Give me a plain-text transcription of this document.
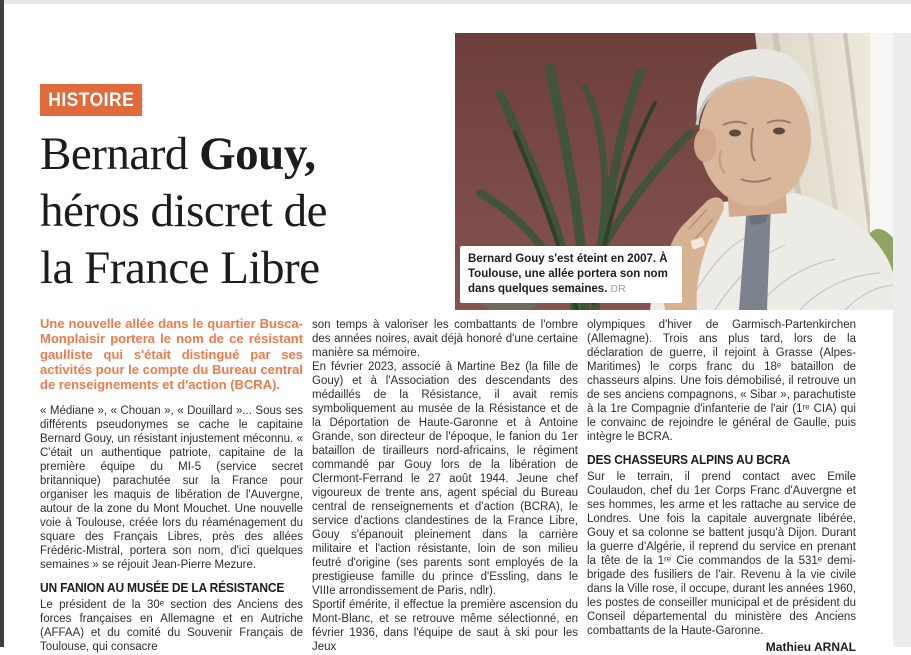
HISTOIRE
Bernard Gouy,
héros discret de
la France Libre	Bernard Gouy s'est éteint en 2007. À Toulouse, une allée portera son nom dans quelques semaines. DR

Une nouvelle allée dans le quartier Busca-Monplaisir portera le nom de ce résistant gaulliste qui s'était distingué par ses activités pour le compte du Bureau central de renseignements et d'action (BCRA).

« Médiane », « Chouan », « Douillard »... Sous ses différents pseudonymes se cache le capitaine Bernard Gouy, un résistant injustement méconnu. « C'était un authentique patriote, capitaine de la première équipe du MI-5 (service secret britannique) parachutée sur la France pour organiser les maquis de libération de l'Auvergne, autour de la zone du Mont Mouchet. Une nouvelle voie à Toulouse, créée lors du réaménagement du square des Français Libres, près des allées Frédéric-Mistral, portera son nom, d'ici quelques semaines » se réjouit Jean-Pierre Mezure.

UN FANION AU MUSÉE DE LA RÉSISTANCE

Le président de la 30ᵉ section des Anciens des forces françaises en Allemagne et en Autriche (AFFAA) et du comité du Souvenir Français de Toulouse, qui consacre

son temps à valoriser les combattants de l'ombre des années noires, avait déjà honoré d'une certaine manière sa mémoire.

En février 2023, associé à Martine Bez (la fille de Gouy) et à l'Association des descendants des médaillés de la Résistance, il avait remis symboliquement au musée de la Résistance et de la Déportation de Haute-Garonne et à Antoine Grande, son directeur de l'époque, le fanion du 1er bataillon de tirailleurs nord-africains, le régiment commandé par Gouy lors de la libération de Clermont-Ferrand le 27 août 1944. Jeune chef vigoureux de trente ans, agent spécial du Bureau central de renseignements et d'action (BCRA), le service d'actions clandestines de la France Libre, Gouy s'épanouit pleinement dans la carrière militaire et l'action résistante, loin de son milieu feutré d'origine (ses parents sont employés de la prestigieuse famille du prince d'Essling, dans le VIIIe arrondissement de Paris, ndlr).

Sportif émérite, il effectue la première ascension du Mont-Blanc, et se retrouve même sélectionné, en février 1936, dans l'équipe de saut à ski pour les Jeux

olympiques d'hiver de Garmisch-Partenkirchen (Allemagne). Trois ans plus tard, lors de la déclaration de guerre, il rejoint à Grasse (Alpes-Maritimes) le corps franc du 18ᵉ bataillon de chasseurs alpins. Une fois démobilisé, il retrouve un de ses anciens compagnons, « Sibar », parachutiste à la 1re Compagnie d'infanterie de l'air (1ʳᵉ CIA) qui le convainc de rejoindre le général de Gaulle, puis intègre le BCRA.

DES CHASSEURS ALPINS AU BCRA

Sur le terrain, il prend contact avec Emile Coulaudon, chef du 1er Corps Franc d'Auvergne et ses hommes, les arme et les rattache au service de Londres. Une fois la capitale auvergnate libérée, Gouy et sa colonne se battent jusqu'à Dijon. Durant la guerre d'Algérie, il reprend du service en prenant la tête de la 1ʳᵉ Cie commandos de la 531ᵉ demi-brigade des fusiliers de l'air. Revenu à la vie civile dans la Ville rose, il occupe, durant les années 1960, les postes de conseiller municipal et de président du Conseil départemental du ministère des Anciens combattants de la Haute-Garonne.

Mathieu ARNAL
